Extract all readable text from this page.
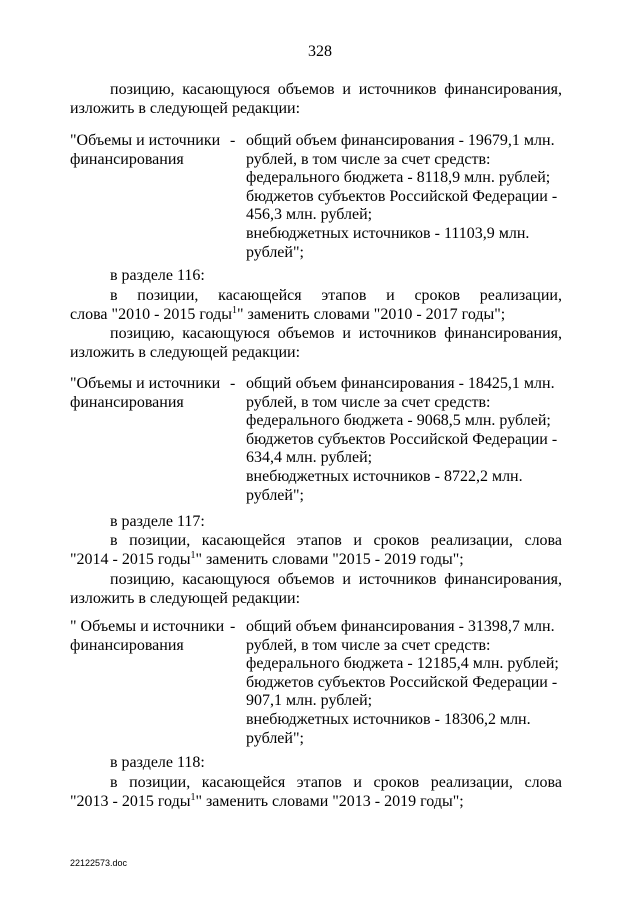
328
позицию, касающуюся объемов и источников финансирования,
изложить в следующей редакции:
"Объемы и источники
финансирования
- общий объем финансирования - 19679,1 млн.
рублей, в том числе за счет средств:
федерального бюджета - 8118,9 млн. рублей;
бюджетов субъектов Российской Федерации -
456,3 млн. рублей;
внебюджетных источников - 11103,9 млн.
рублей";
в разделе 116:
в позиции, касающейся этапов и сроков реализации,
слова "2010 - 2015 годы$^1$" заменить словами "2010 - 2017 годы";
позицию, касающуюся объемов и источников финансирования,
изложить в следующей редакции:
"Объемы и источники
финансирования
- общий объем финансирования - 18425,1 млн.
рублей, в том числе за счет средств:
федерального бюджета - 9068,5 млн. рублей;
бюджетов субъектов Российской Федерации -
634,4 млн. рублей;
внебюджетных источников - 8722,2 млн.
рублей";
в разделе 117:
в позиции, касающейся этапов и сроков реализации, слова
"2014 - 2015 годы$^1$" заменить словами "2015 - 2019 годы";
позицию, касающуюся объемов и источников финансирования,
изложить в следующей редакции:
" Объемы и источники
финансирования
- общий объем финансирования - 31398,7 млн.
рублей, в том числе за счет средств:
федерального бюджета - 12185,4 млн. рублей;
бюджетов субъектов Российской Федерации -
907,1 млн. рублей;
внебюджетных источников - 18306,2 млн.
рублей";
в разделе 118:
в позиции, касающейся этапов и сроков реализации, слова
"2013 - 2015 годы$^1$" заменить словами "2013 - 2019 годы";
22122573.doc
